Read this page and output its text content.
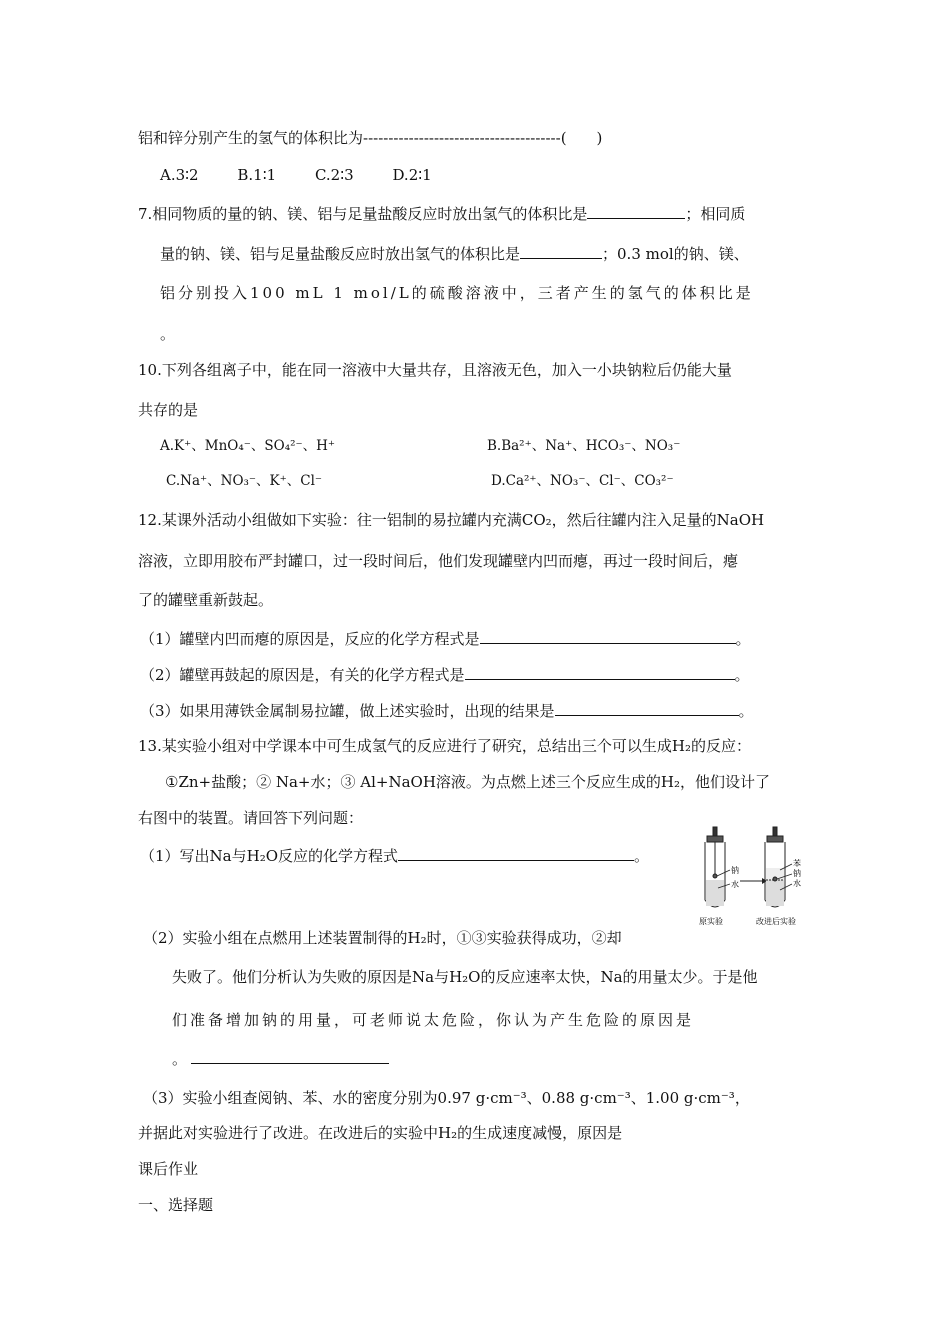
铝和锌分别产生的氢气的体积比为---------------------------------------(　　)
A.3∶2	B.1∶1	C.2∶3	D.2∶1
7.相同物质的量的钠、镁、铝与足量盐酸反应时放出氢气的体积比是	；相同质
量的钠、镁、铝与足量盐酸反应时放出氢气的体积比是	；0.3 mol的钠、镁、
铝分别投入100 mL 1 mol/L的硫酸溶液中，三者产生的氢气的体积比是
。
10.下列各组离子中，能在同一溶液中大量共存，且溶液无色，加入一小块钠粒后仍能大量
共存的是
A.K⁺、MnO₄⁻、SO₄²⁻、H⁺	B.Ba²⁺、Na⁺、HCO₃⁻、NO₃⁻
C.Na⁺、NO₃⁻、K⁺、Cl⁻	D.Ca²⁺、NO₃⁻、Cl⁻、CO₃²⁻
12.某课外活动小组做如下实验：往一铝制的易拉罐内充满CO₂，然后往罐内注入足量的NaOH
溶液，立即用胶布严封罐口，过一段时间后，他们发现罐壁内凹而瘪，再过一段时间后，瘪
了的罐壁重新鼓起。
（1）罐壁内凹而瘪的原因是，反应的化学方程式是	。
（2）罐壁再鼓起的原因是，有关的化学方程式是	。
（3）如果用薄铁金属制易拉罐，做上述实验时，出现的结果是	。
13.某实验小组对中学课本中可生成氢气的反应进行了研究，总结出三个可以生成H₂的反应：
①Zn+盐酸；② Na+水；③ Al+NaOH溶液。为点燃上述三个反应生成的H₂，他们设计了
右图中的装置。请回答下列问题：
（1）写出Na与H₂O反应的化学方程式	。
钠
水
苯
钠
水
原实验	改进后实验
（2）实验小组在点燃用上述装置制得的H₂时，①③实验获得成功，②却
失败了。他们分析认为失败的原因是Na与H₂O的反应速率太快，Na的用量太少。于是他
们准备增加钠的用量，可老师说太危险，你认为产生危险的原因是
。
（3）实验小组查阅钠、苯、水的密度分别为0.97 g·cm⁻³、0.88 g·cm⁻³、1.00 g·cm⁻³，
并据此对实验进行了改进。在改进后的实验中H₂的生成速度减慢，原因是
课后作业
一、选择题
